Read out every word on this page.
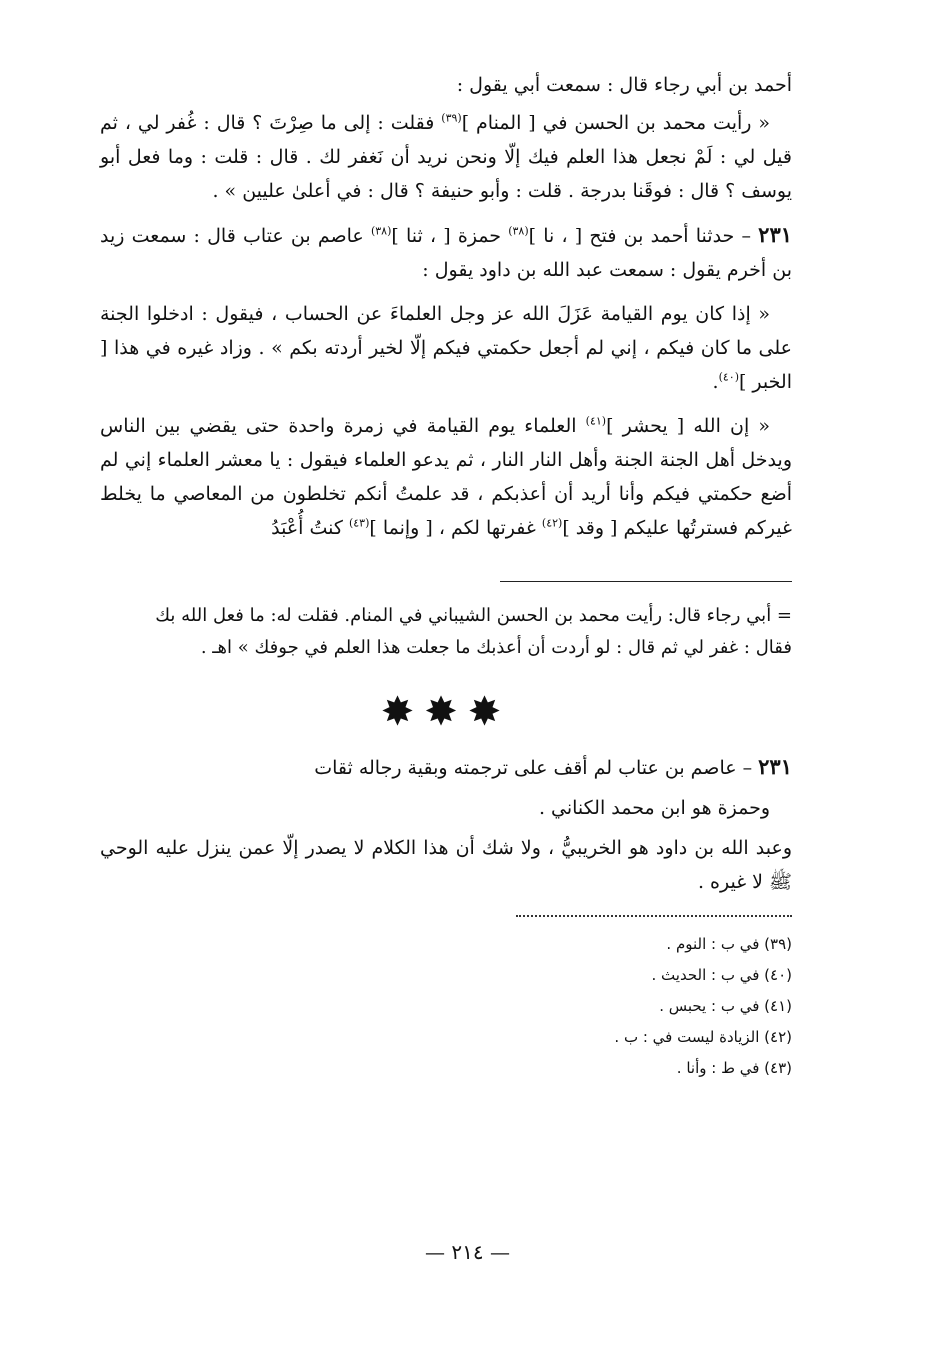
أحمد بن أبي رجاء قال : سمعت أبي يقول :

« رأيت محمد بن الحسن في [ المنام ]$^{(٣٩)}$ فقلت : إلى ما صِرْتَ ؟ قال : غُفر لي ، ثم قيل لي : لَمْ نجعل هذا العلم فيك إلّا ونحن نريد أن نَغفر لك . قال : قلت : وما فعل أبو يوسف ؟ قال : فوقَنا بدرجة . قلت : وأبو حنيفة ؟ قال : في أعلىٰ عليين » .

٢٣١ – حدثنا أحمد بن فتح [ ، نا ]$^{(٣٨)}$ حمزة [ ، ثنا ]$^{(٣٨)}$ عاصم بن عتاب قال : سمعت زيد بن أخرم يقول : سمعت عبد الله بن داود يقول :

« إذا كان يوم القيامة عَزَلَ الله عز وجل العلماءَ عن الحساب ، فيقول : ادخلوا الجنة على ما كان فيكم ، إني لم أجعل حكمتي فيكم إلّا لخير أردته بكم » . وزاد غيره في هذا [ الخبر ]$^{(٤٠)}$.

« إن الله [ يحشر ]$^{(٤١)}$ العلماء يوم القيامة في زمرة واحدة حتى يقضي بين الناس ويدخل أهل الجنة الجنة وأهل النار النار ، ثم يدعو العلماء فيقول : يا معشر العلماء إني لم أضع حكمتي فيكم وأنا أريد أن أعذبكم ، قد علمتُ أنكم تخلطون من المعاصي ما يخلط غيركم فسترتُها عليكم [ وقد ]$^{(٤٢)}$ غفرتها لكم ، [ وإنما ]$^{(٤٣)}$ كنتُ أُعْبَدُ

= أبي رجاء قال: رأيت محمد بن الحسن الشيباني في المنام. فقلت له: ما فعل الله بك

فقال : غفر لي ثم قال : لو أردت أن أعذبك ما جعلت هذا العلم في جوفك » اهـ .

✸✸✸

٢٣١ – عاصم بن عتاب لم أقف على ترجمته وبقية رجاله ثقات

وحمزة هو ابن محمد الكناني .

وعبد الله بن داود هو الخريبيُّ ، ولا شك أن هذا الكلام لا يصدر إلّا عمن ينزل عليه الوحي ﷺ لا غيره .

(٣٩) في ب : النوم .

(٤٠) في ب : الحديث .

(٤١) في ب : يحبس .

(٤٢) الزيادة ليست في : ب .

(٤٣) في ط : وأنا .

— ٢١٤ —
